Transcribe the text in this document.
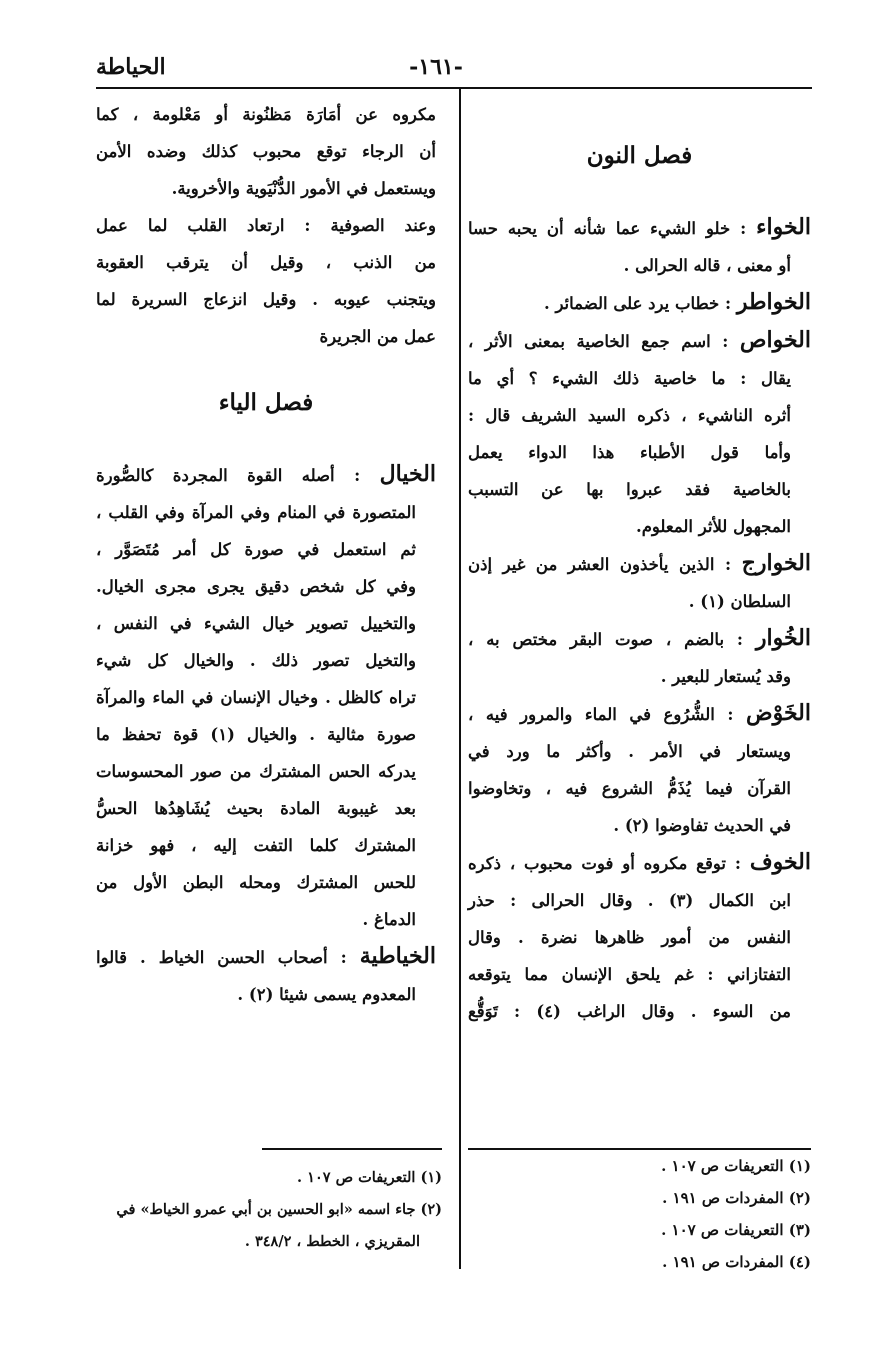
الحياطة	-١٦١-
فصل النون
الخواء : خلو الشيء عما شأنه أن يحبه حسا
أو معنى ، قاله الحرالى .
الخواطر : خطاب يرد على الضمائر .
الخواص : اسم جمع الخاصية بمعنى الأثر ،
يقال : ما خاصية ذلك الشيء ؟ أي ما
أثره الناشيء ، ذكره السيد الشريف قال :
وأما قول الأطباء هذا الدواء يعمل
بالخاصية فقد عبروا بها عن التسبب
المجهول للأثر المعلوم.
الخوارج : الذين يأخذون العشر من غير إذن
السلطان (١) .
الخُوار : بالضم ، صوت البقر مختص به ،
وقد يُستعار للبعير .
الخَوْض : الشُّرُوع في الماء والمرور فيه ،
ويستعار في الأمر . وأكثر ما ورد في
القرآن فيما يُذَمُّ الشروع فيه ، وتخاوضوا
في الحديث تفاوضوا (٢) .
الخوف : توقع مكروه أو فوت محبوب ، ذكره
ابن الكمال (٣) . وقال الحرالى : حذر
النفس من أمور ظاهرها نضرة . وقال
التفتازاني : غم يلحق الإنسان مما يتوقعه
من السوء . وقال الراغب (٤) : تَوَقُّع
(١) التعريفات ص ١٠٧ .
(٢) المفردات ص ١٩١ .
(٣) التعريفات ص ١٠٧ .
(٤) المفردات ص ١٩١ .
مكروه عن أمَارَة مَظنُونة أو مَعْلومة ، كما
أن الرجاء توقع محبوب كذلك وضده الأمن
ويستعمل في الأمور الدُّنْيَوية والأخروية.
وعند الصوفية : ارتعاد القلب لما عمل
من الذنب ، وقيل أن يترقب العقوبة
ويتجنب عيوبه . وقيل انزعاج السريرة لما
عمل من الجريرة
فصل الياء
الخيال : أصله القوة المجردة كالصُّورة
المتصورة في المنام وفي المرآة وفي القلب ،
ثم استعمل في صورة كل أمر مُتَصَوَّر ،
وفي كل شخص دقيق يجرى مجرى الخيال.
والتخييل تصوير خيال الشيء في النفس ،
والتخيل تصور ذلك . والخيال كل شيء
تراه كالظل . وخيال الإنسان في الماء والمرآة
صورة مثالية . والخيال (١) قوة تحفظ ما
يدركه الحس المشترك من صور المحسوسات
بعد غيبوبة المادة بحيث يُشَاهِدُها الحسُّ
المشترك كلما التفت إليه ، فهو خزانة
للحس المشترك ومحله البطن الأول من
الدماغ .
الخياطية : أصحاب الحسن الخياط . قالوا
المعدوم يسمى شيئا (٢) .
(١) التعريفات ص ١٠٧ .
(٢) جاء اسمه «ابو الحسين بن أبي عمرو الخياط» في
المقريزي ، الخطط ، ٣٤٨/٢ .
